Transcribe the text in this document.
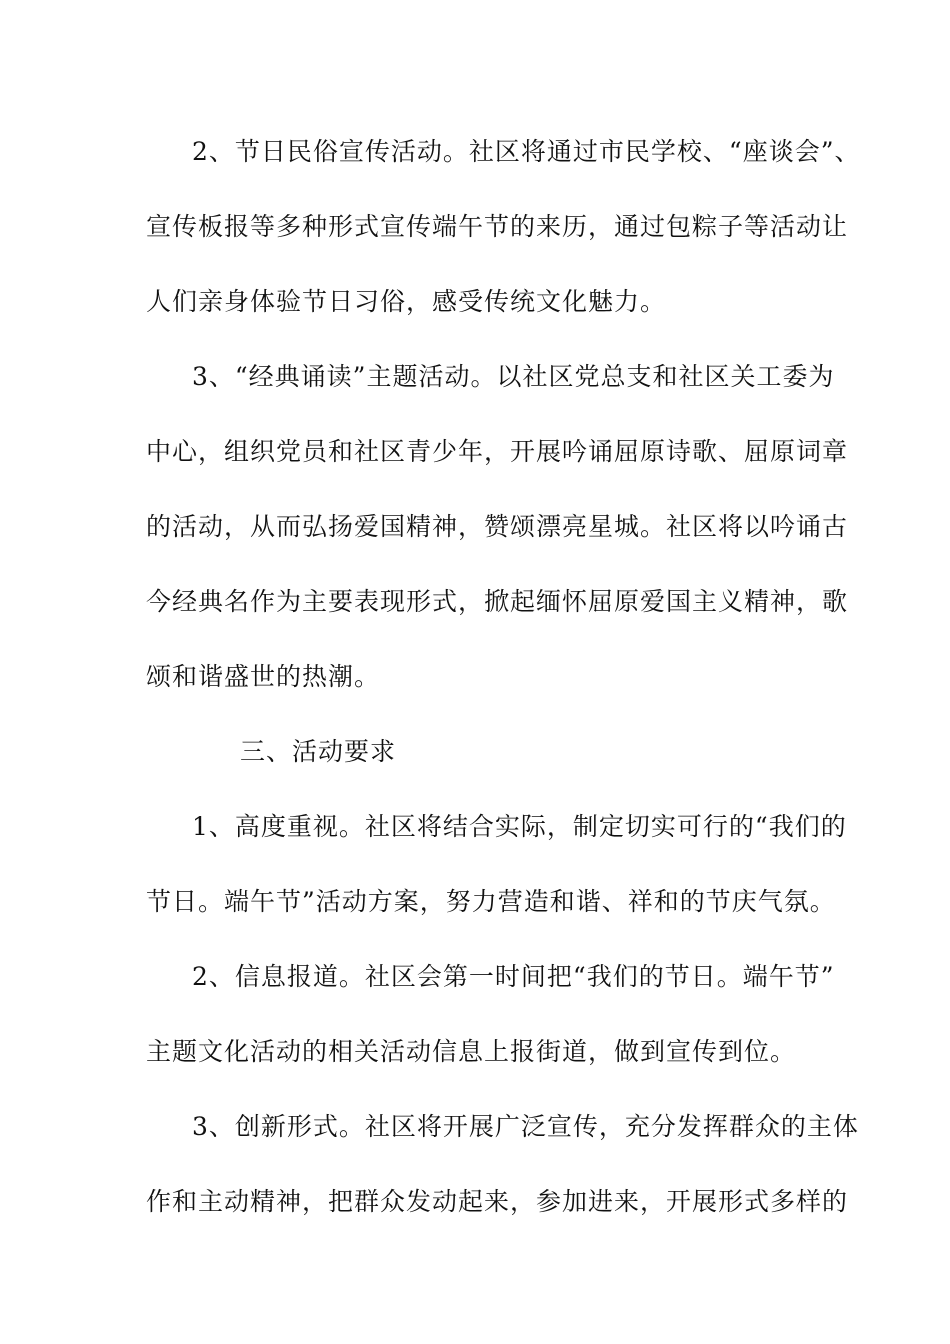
2、节日民俗宣传活动。社区将通过市民学校、“座谈会”、
宣传板报等多种形式宣传端午节的来历，通过包粽子等活动让
人们亲身体验节日习俗，感受传统文化魅力。
3、“经典诵读”主题活动。以社区党总支和社区关工委为
中心，组织党员和社区青少年，开展吟诵屈原诗歌、屈原词章
的活动，从而弘扬爱国精神，赞颂漂亮星城。社区将以吟诵古
今经典名作为主要表现形式，掀起缅怀屈原爱国主义精神，歌
颂和谐盛世的热潮。
三、活动要求
1、高度重视。社区将结合实际，制定切实可行的“我们的
节日。端午节”活动方案，努力营造和谐、祥和的节庆气氛。
2、信息报道。社区会第一时间把“我们的节日。端午节”
主题文化活动的相关活动信息上报街道，做到宣传到位。
3、创新形式。社区将开展广泛宣传，充分发挥群众的主体
作和主动精神，把群众发动起来，参加进来，开展形式多样的
